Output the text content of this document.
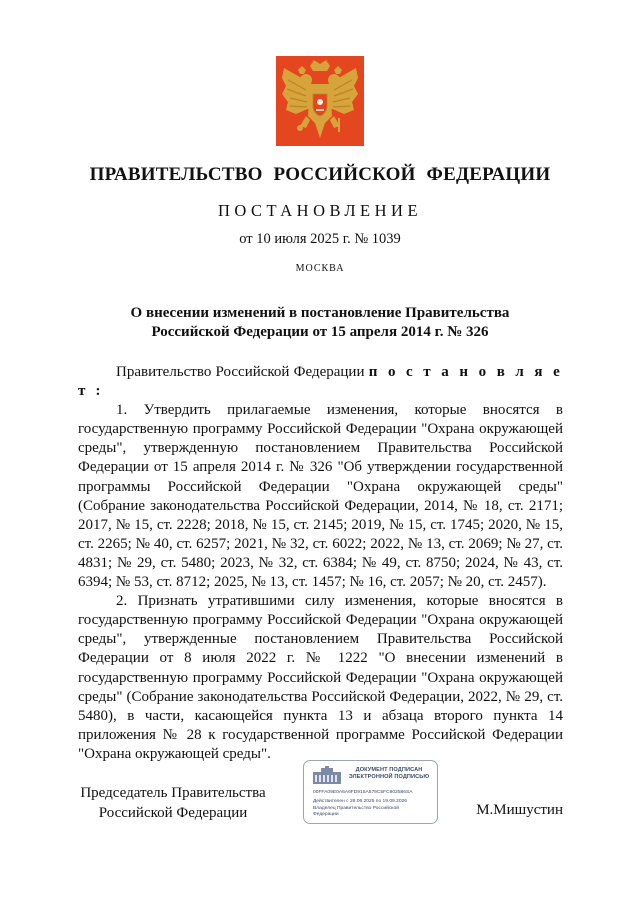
ПРАВИТЕЛЬСТВО РОССИЙСКОЙ ФЕДЕРАЦИИ
ПОСТАНОВЛЕНИЕ
от 10 июля 2025 г. № 1039
МОСКВА
О внесении изменений в постановление Правительства
Российской Федерации от 15 апреля 2014 г. № 326

Правительство Российской Федерации п о с т а н о в л я е т :

1. Утвердить прилагаемые изменения, которые вносятся в государственную программу Российской Федерации "Охрана окружающей среды", утвержденную постановлением Правительства Российской Федерации от 15 апреля 2014 г. № 326 "Об утверждении государственной программы Российской Федерации "Охрана окружающей среды" (Собрание законодательства Российской Федерации, 2014, № 18, ст. 2171; 2017, № 15, ст. 2228; 2018, № 15, ст. 2145; 2019, № 15, ст. 1745; 2020, № 15, ст. 2265; № 40, ст. 6257; 2021, № 32, ст. 6022; 2022, № 13, ст. 2069; № 27, ст. 4831; № 29, ст. 5480; 2023, № 32, ст. 6384; № 49, ст. 8750; 2024, № 43, ст. 6394; № 53, ст. 8712; 2025, № 13, ст. 1457; № 16, ст. 2057; № 20, ст. 2457).

2. Признать утратившими силу изменения, которые вносятся в государственную программу Российской Федерации "Охрана окружающей среды", утвержденные постановлением Правительства Российской Федерации от 8 июля 2022 г. № 1222 "О внесении изменений в государственную программу Российской Федерации "Охрана окружающей среды" (Собрание законодательства Российской Федерации, 2022, № 29, ст. 5480), в части, касающейся пункта 13 и абзаца второго пункта 14 приложения № 28 к государственной программе Российской Федерации "Охрана окружающей среды".

Председатель Правительства
Российской Федерации
ДОКУМЕНТ ПОДПИСАН
ЭЛЕКТРОННОЙ ПОДПИСЬЮ
00FFA09E0A6A6FD915A579C5FC902586SA
Действителен с 26.06.2025 по 19.09.2026
Владелец Правительство Российской
Федерации	М.Мишустин
